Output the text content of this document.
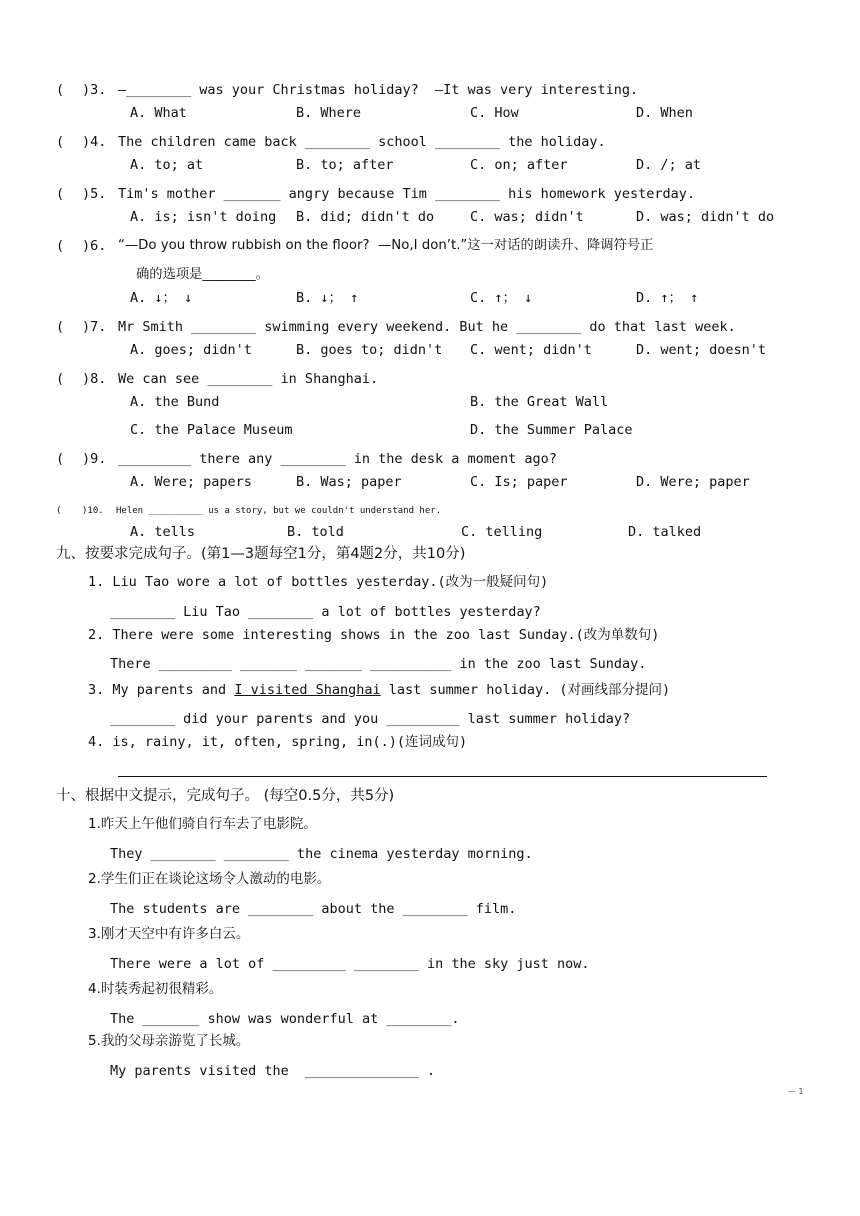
( )3. —________ was your Christmas holiday?  —It was very interesting.
A. What	B. Where	C. How	D. When
( )4. The children came back ________ school ________ the holiday.
A. to; at	B. to; after	C. on; after	D. /; at
( )5. Tim's mother _______ angry because Tim ________ his homework yesterday.
A. is; isn't doing B. did; didn't do	C. was; didn't	D. was; didn't do
( )6. “—Do you throw rubbish on the floor?  —No,I don’t.”这一对话的朗读升、降调符号正
确的选项是________。
A. ↓； ↓	B. ↓； ↑	C. ↑； ↓	D. ↑； ↑
( )7. Mr Smith ________ swimming every weekend. But he ________ do that last week.
A. goes; didn't	B. goes to; didn't C. went; didn't	D. went; doesn't
( )8. We can see ________ in Shanghai.
A. the Bund	B. the Great Wall
C. the Palace Museum	D. the Summer Palace
( )9. _________ there any ________ in the desk a moment ago?
A. Were; papers	B. Was; paper	C. Is; paper	D. Were; paper
( )10. Helen __________ us a story, but we couldn't understand her.
A. tells	B. told	C. telling	D. talked
九、按要求完成句子。(第1—3题每空1分，第4题2分，共10分)
1. Liu Tao wore a lot of bottles yesterday.(改为一般疑问句)
________ Liu Tao ________ a lot of bottles yesterday?
2. There were some interesting shows in the zoo last Sunday.(改为单数句)
There _________ _______ _______ __________ in the zoo last Sunday.
3. My parents and I visited Shanghai last summer holiday. (对画线部分提问)
________ did your parents and you _________ last summer holiday?
4. is, rainy, it, often, spring, in(.)(连词成句)
十、根据中文提示，完成句子。 (每空0.5分，共5分)
1.昨天上午他们骑自行车去了电影院。
They ________ ________ the cinema yesterday morning.
2.学生们正在谈论这场令人激动的电影。
The students are ________ about the ________ film.
3.刚才天空中有许多白云。
There were a lot of _________ ________ in the sky just now.
4.时装秀起初很精彩。
The _______ show was wonderful at ________.
5.我的父母亲游览了长城。
My parents visited the  ______________ .
— 1
